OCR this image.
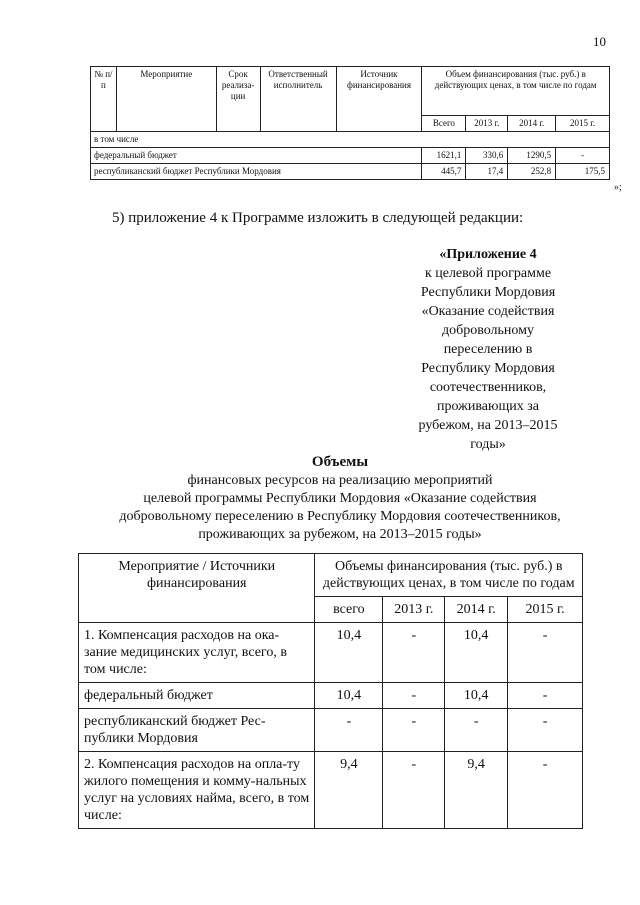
10
№ п/п	Мероприятие	Срок реализа-ции	Ответственный исполнитель	Источник финансирования	Объем финансирования (тыс. руб.) в действующих ценах, в том числе по годам			
					Всего	2013 г.	2014 г.	2015 г.
в том числе								
федеральный бюджет					1621,1	330,6	1290,5	-
республиканский бюджет Республики Мордовия					445,7	17,4	252,8	175,5
»;
5) приложение 4 к Программе изложить в следующей редакции:
«Приложение 4
к целевой программе
Республики Мордовия
«Оказание содействия
добровольному
переселению в
Республику Мордовия
соотечественников,
проживающих за
рубежом, на 2013–2015
годы»
Объемы
финансовых ресурсов на реализацию мероприятий
целевой программы Республики Мордовия «Оказание содействия
добровольному переселению в Республику Мордовия соотечественников,
проживающих за рубежом, на 2013–2015 годы»
Мероприятие / Источники финансирования	Объемы финансирования (тыс. руб.) в действующих ценах, в том числе по годам			
	всего	2013 г.	2014 г.	2015 г.
1. Компенсация расходов на ока-зание медицинских услуг, всего, в том числе:	10,4	-	10,4	-
федеральный бюджет	10,4	-	10,4	-
республиканский бюджет Рес-публики Мордовия	-	-	-	-
2. Компенсация расходов на опла-ту жилого помещения и комму-нальных услуг на условиях найма, всего, в том числе:	9,4	-	9,4	-
